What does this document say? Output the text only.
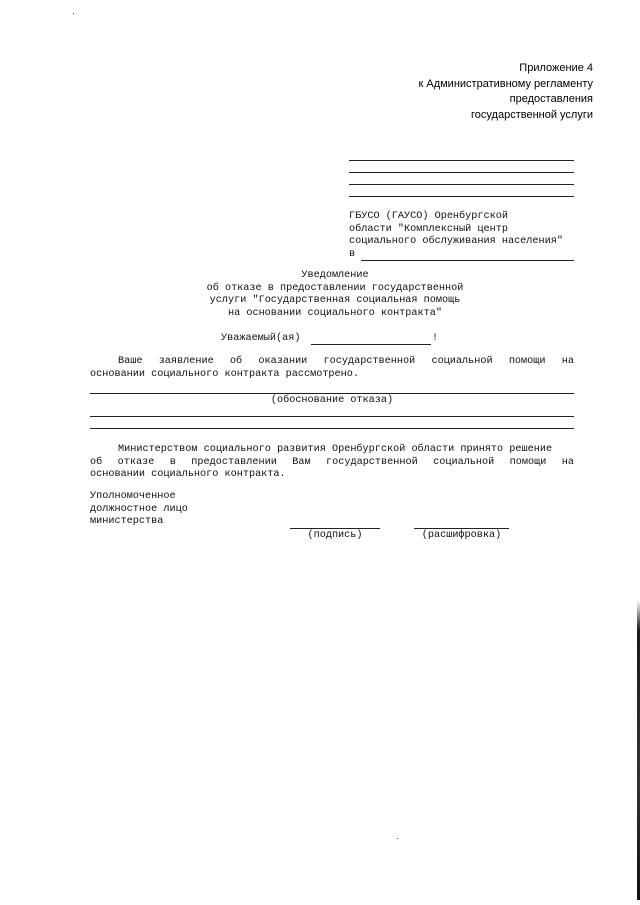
Приложение 4
к Административному регламенту
предоставления
государственной услуги
ГБУСО (ГАУСО) Оренбургской
области "Комплексный центр
социального обслуживания населения"
в
Уведомление
об отказе в предоставлении государственной
услуги "Государственная социальная помощь
на основании социального контракта"
Уважаемый(ая)	!
Ваше заявление об оказании государственной социальной помощи на
основании социального контракта рассмотрено.
(обоснование отказа)
Министерством социального развития Оренбургской области принято решение
об отказе в предоставлении Вам государственной социальной помощи на
основании социального контракта.
Уполномоченное
должностное лицо
министерства
(подпись)	(расшифровка)
